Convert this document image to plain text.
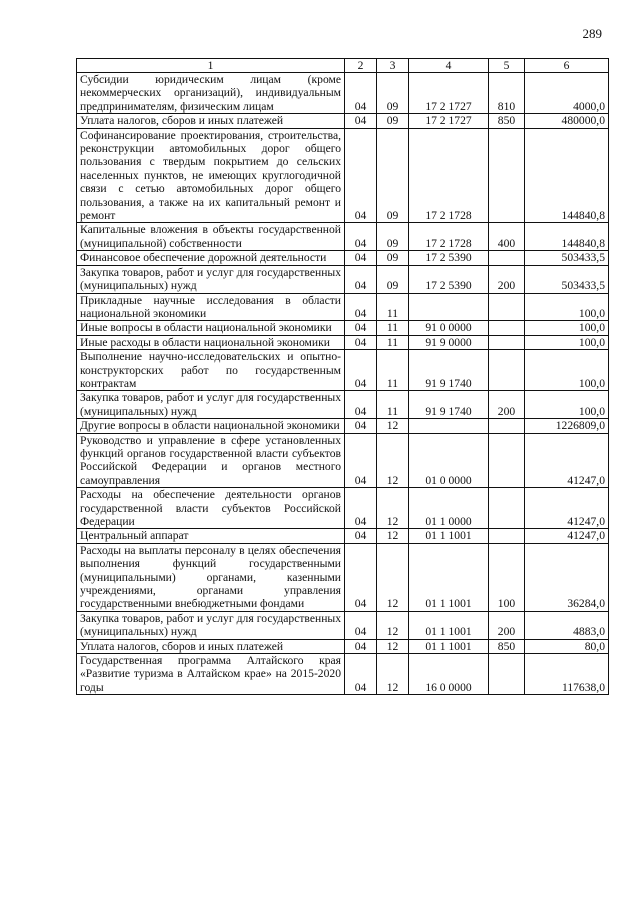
289
1	2	3	4	5	6
Субсидии юридическим лицам (кроме некоммерческих организаций), индивидуальным предпринимателям, физическим лицам	04	09	17 2 1727	810	4000,0
Уплата налогов, сборов и иных платежей	04	09	17 2 1727	850	480000,0
Софинансирование проектирования, строительства, реконструкции автомобильных дорог общего пользования с твердым покрытием до сельских населенных пунктов, не имеющих круглогодичной связи с сетью автомобильных дорог общего пользования, а также на их капитальный ремонт и ремонт	04	09	17 2 1728		144840,8
Капитальные вложения в объекты государственной (муниципальной) собственности	04	09	17 2 1728	400	144840,8
Финансовое обеспечение дорожной деятельности	04	09	17 2 5390		503433,5
Закупка товаров, работ и услуг для государственных (муниципальных) нужд	04	09	17 2 5390	200	503433,5
Прикладные научные исследования в области национальной экономики	04	11			100,0
Иные вопросы в области национальной экономики	04	11	91 0 0000		100,0
Иные расходы в области национальной экономики	04	11	91 9 0000		100,0
Выполнение научно-исследовательских и опытно-конструкторских работ по государственным контрактам	04	11	91 9 1740		100,0
Закупка товаров, работ и услуг для государственных (муниципальных) нужд	04	11	91 9 1740	200	100,0
Другие вопросы в области национальной экономики	04	12			1226809,0
Руководство и управление в сфере установленных функций органов государственной власти субъектов Российской Федерации и органов местного самоуправления	04	12	01 0 0000		41247,0
Расходы на обеспечение деятельности органов государственной власти субъектов Российской Федерации	04	12	01 1 0000		41247,0
Центральный аппарат	04	12	01 1 1001		41247,0
Расходы на выплаты персоналу в целях обеспечения выполнения функций государственными (муниципальными) органами, казенными учреждениями, органами управления государственными внебюджетными фондами	04	12	01 1 1001	100	36284,0
Закупка товаров, работ и услуг для государственных (муниципальных) нужд	04	12	01 1 1001	200	4883,0
Уплата налогов, сборов и иных платежей	04	12	01 1 1001	850	80,0
Государственная программа Алтайского края «Развитие туризма в Алтайском крае» на 2015-2020 годы	04	12	16 0 0000		117638,0
